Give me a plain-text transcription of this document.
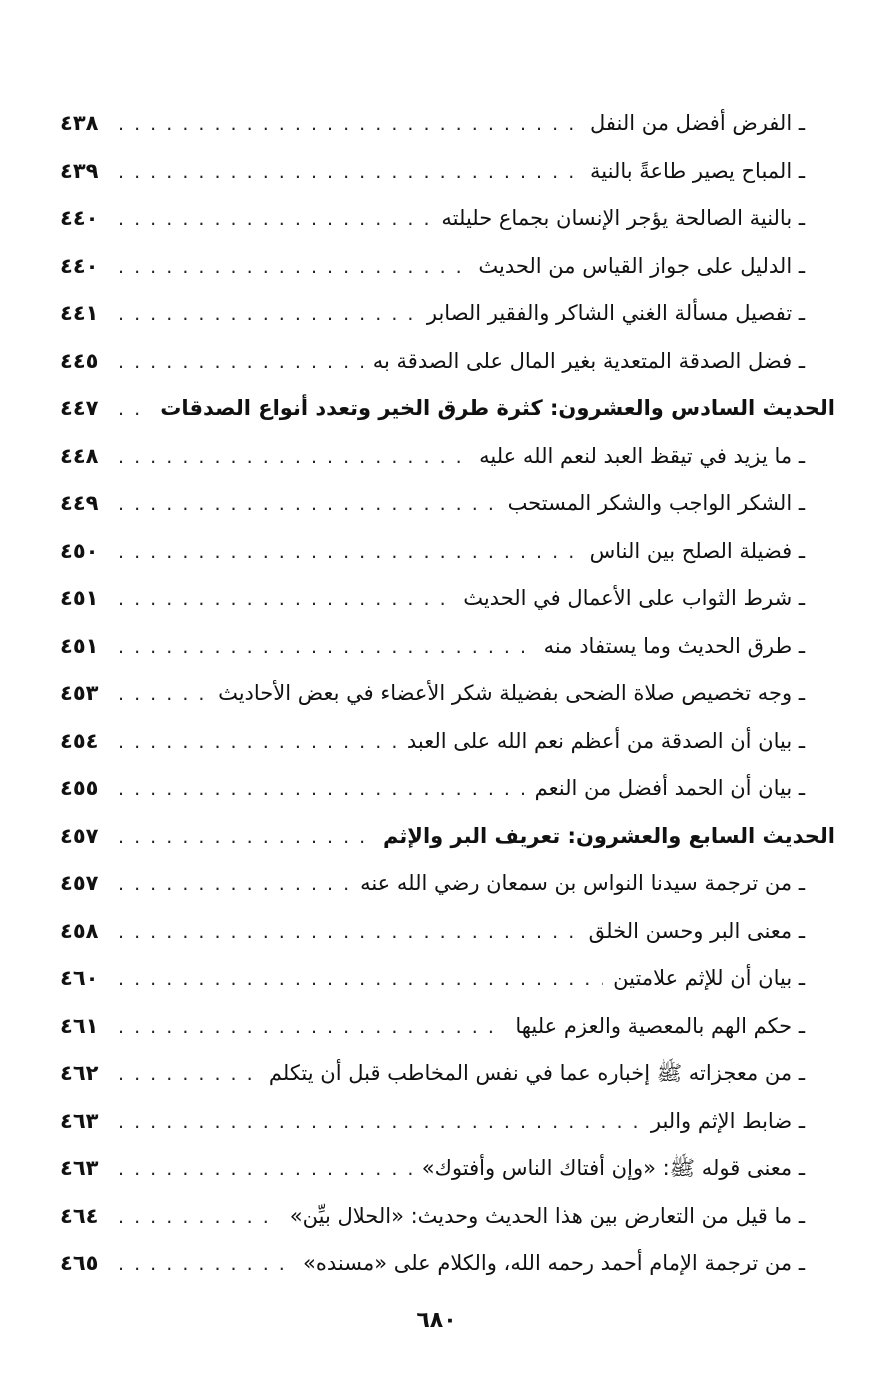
ـ الفرض أفضل من النفل
. . .
٤٣٨
ـ المباح يصير طاعةً بالنية
. . .
٤٣٩
ـ بالنية الصالحة يؤجر الإنسان بجماع حليلته
. . .
٤٤٠
ـ الدليل على جواز القياس من الحديث
. . .
٤٤٠
ـ تفصيل مسألة الغني الشاكر والفقير الصابر
. . .
٤٤١
ـ فضل الصدقة المتعدية بغير المال على الصدقة به
. . .
٤٤٥
الحديث السادس والعشرون: كثرة طرق الخير وتعدد أنواع الصدقات
. . .
٤٤٧
ـ ما يزيد في تيقظ العبد لنعم الله عليه
. . .
٤٤٨
ـ الشكر الواجب والشكر المستحب
. . .
٤٤٩
ـ فضيلة الصلح بين الناس
. . .
٤٥٠
ـ شرط الثواب على الأعمال في الحديث
. . .
٤٥١
ـ طرق الحديث وما يستفاد منه
. . .
٤٥١
ـ وجه تخصيص صلاة الضحى بفضيلة شكر الأعضاء في بعض الأحاديث
. . .
٤٥٣
ـ بيان أن الصدقة من أعظم نعم الله على العبد
. . .
٤٥٤
ـ بيان أن الحمد أفضل من النعم
. . .
٤٥٥
الحديث السابع والعشرون: تعريف البر والإثم
. . .
٤٥٧
ـ من ترجمة سيدنا النواس بن سمعان رضي الله عنه
. . .
٤٥٧
ـ معنى البر وحسن الخلق
. . .
٤٥٨
ـ بيان أن للإثم علامتين
. . .
٤٦٠
ـ حكم الهم بالمعصية والعزم عليها
. . .
٤٦١
ـ من معجزاته ﷺ إخباره عما في نفس المخاطب قبل أن يتكلم
. . .
٤٦٢
ـ ضابط الإثم والبر
. . .
٤٦٣
ـ معنى قوله ﷺ: «وإن أفتاك الناس وأفتوك»
. . .
٤٦٣
ـ ما قيل من التعارض بين هذا الحديث وحديث: «الحلال بيِّن»
. . .
٤٦٤
ـ من ترجمة الإمام أحمد رحمه الله، والكلام على «مسنده»
. . .
٤٦٥
٦٨٠
